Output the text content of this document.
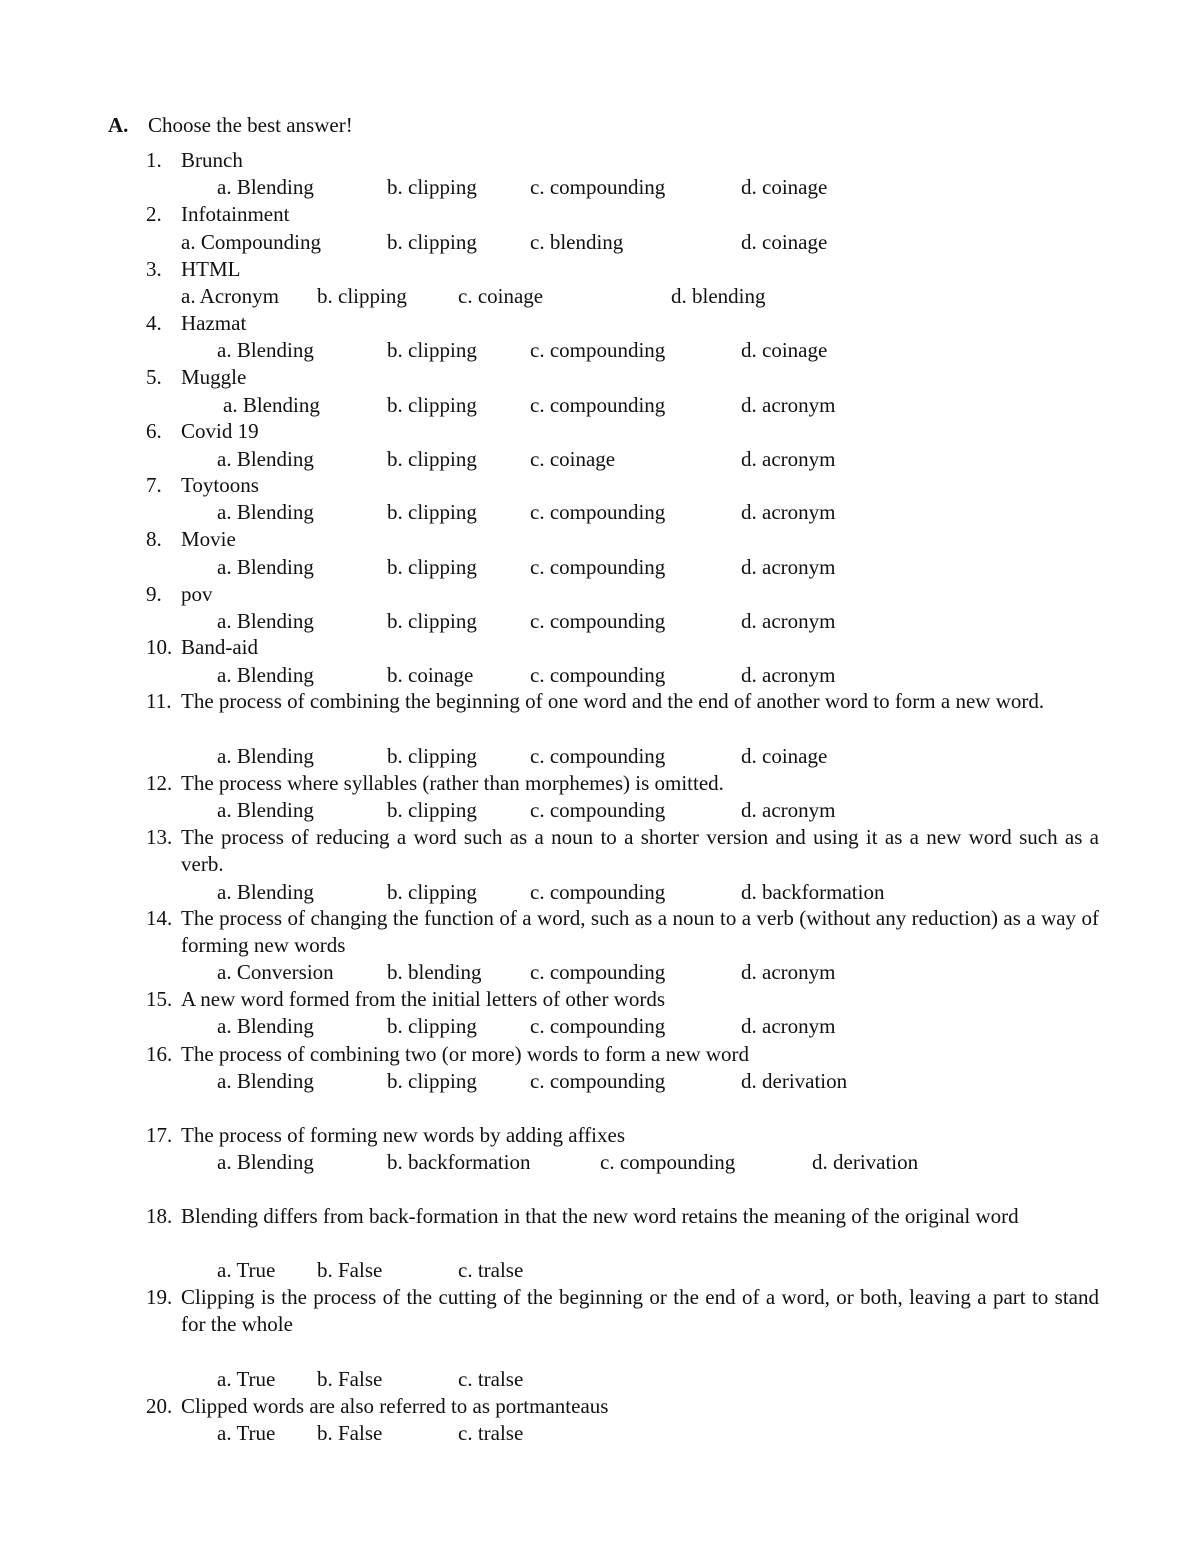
A. Choose the best answer!
1. Brunch
a. Blending	b. clipping	c. compounding	d. coinage
2. Infotainment
a. Compounding	b. clipping	c. blending	d. coinage
3. HTML
a. Acronym b. clipping c. coinage	d. blending
4. Hazmat
a. Blending	b. clipping	c. compounding	d. coinage
5. Muggle
a. Blending	b. clipping	c. compounding	d. acronym
6. Covid 19
a. Blending	b. clipping	c. coinage	d. acronym
7. Toytoons
a. Blending	b. clipping	c. compounding	d. acronym
8. Movie
a. Blending	b. clipping	c. compounding	d. acronym
9. pov
a. Blending	b. clipping	c. compounding	d. acronym
10. Band-aid
a. Blending	b. coinage	c. compounding	d. acronym
11. The process of combining the beginning of one word and the end of another word to form a new word.
a. Blending	b. clipping	c. compounding	d. coinage
12. The process where syllables (rather than morphemes) is omitted.
a. Blending	b. clipping	c. compounding	d. acronym
13. The process of reducing a word such as a noun to a shorter version and using it as a new word such as a verb.
a. Blending	b. clipping	c. compounding	d. backformation
14. The process of changing the function of a word, such as a noun to a verb (without any reduction) as a way of forming new words
a. Conversion	b. blending c. compounding	d. acronym
15. A new word formed from the initial letters of other words
a. Blending	b. clipping	c. compounding	d. acronym
16. The process of combining two (or more) words to form a new word
a. Blending	b. clipping	c. compounding	d. derivation
17. The process of forming new words by adding affixes
a. Blending	b. backformation	c. compounding	d. derivation
18. Blending differs from back-formation in that the new word retains the meaning of the original word
a. True b. False	c. tralse
19. Clipping is the process of the cutting of the beginning or the end of a word, or both, leaving a part to stand for the whole
a. True b. False	c. tralse
20. Clipped words are also referred to as portmanteaus
a. True b. False	c. tralse
